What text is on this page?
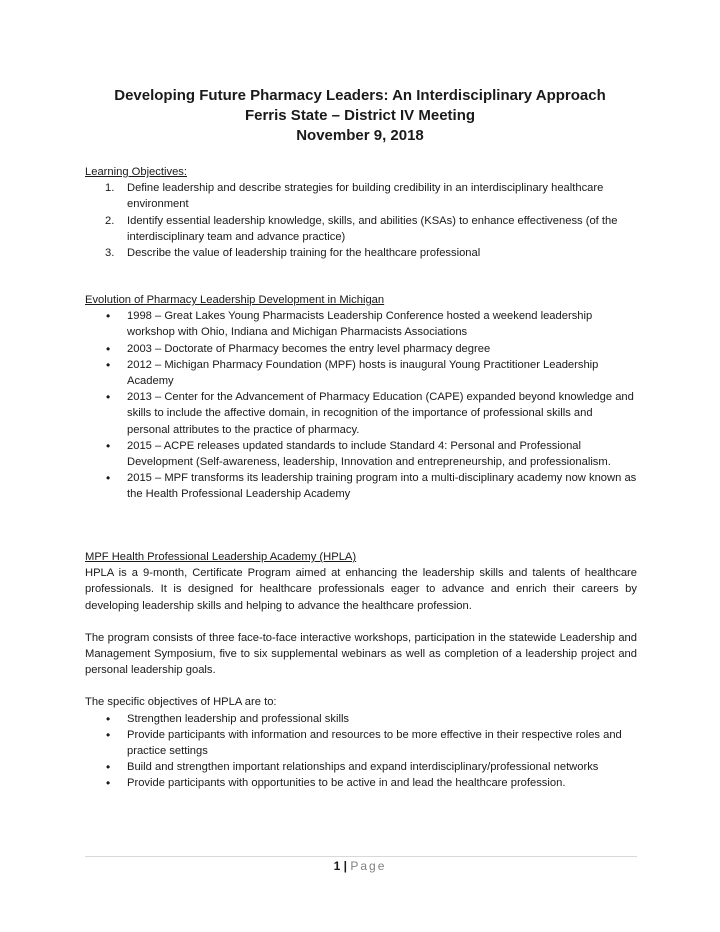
Developing Future Pharmacy Leaders: An Interdisciplinary Approach
Ferris State – District IV Meeting
November 9, 2018
Learning Objectives:
1. Define leadership and describe strategies for building credibility in an interdisciplinary healthcare environment
2. Identify essential leadership knowledge, skills, and abilities (KSAs) to enhance effectiveness (of the interdisciplinary team and advance practice)
3. Describe the value of leadership training for the healthcare professional
Evolution of Pharmacy Leadership Development in Michigan
• 1998 – Great Lakes Young Pharmacists Leadership Conference hosted a weekend leadership workshop with Ohio, Indiana and Michigan Pharmacists Associations
• 2003 – Doctorate of Pharmacy becomes the entry level pharmacy degree
• 2012 – Michigan Pharmacy Foundation (MPF) hosts is inaugural Young Practitioner Leadership Academy
• 2013 – Center for the Advancement of Pharmacy Education (CAPE) expanded beyond knowledge and skills to include the affective domain, in recognition of the importance of professional skills and personal attributes to the practice of pharmacy.
• 2015 – ACPE releases updated standards to include Standard 4: Personal and Professional Development (Self-awareness, leadership, Innovation and entrepreneurship, and professionalism.
• 2015 – MPF transforms its leadership training program into a multi-disciplinary academy now known as the Health Professional Leadership Academy
MPF Health Professional Leadership Academy (HPLA)

HPLA is a 9-month, Certificate Program aimed at enhancing the leadership skills and talents of healthcare professionals. It is designed for healthcare professionals eager to advance and enrich their careers by developing leadership skills and helping to advance the healthcare profession.

The program consists of three face-to-face interactive workshops, participation in the statewide Leadership and Management Symposium, five to six supplemental webinars as well as completion of a leadership project and personal leadership goals.

The specific objectives of HPLA are to:

• Strengthen leadership and professional skills
• Provide participants with information and resources to be more effective in their respective roles and practice settings
• Build and strengthen important relationships and expand interdisciplinary/professional networks
• Provide participants with opportunities to be active in and lead the healthcare profession.
1 | Page
